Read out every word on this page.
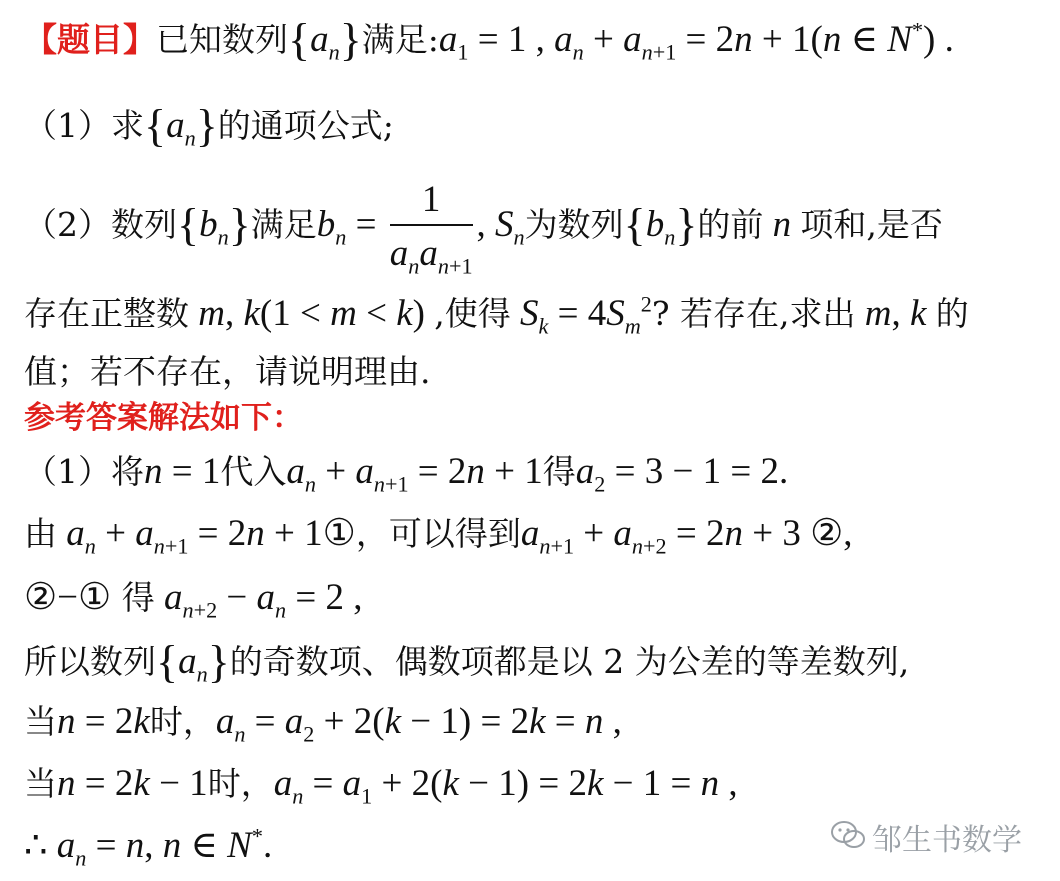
【题目】已知数列$\{a_n\}$满足$:a_1 = 1$ , $a_n + a_{n+1} = 2n + 1(n$ ∈ N*) .
（1）求$\{a_n\}$的通项公式;
（2）数列$\{b_n\}$满足$b_n = \frac{1}{a_na_{n+1}}$ , $S_n$为数列$\{b_n\}$的前 n 项和,是否
存在正整数 m, k(1 < m < k) ,使得 $S_k = 4S_m^2$? 若存在,求出 m, k 的
值；若不存在，请说明理由.
参考答案解法如下：
（1）将n = 1代入$a_n + a_{n+1} = 2n + 1$得$a_2 = 3 - 1 = 2$.
由 $a_n + a_{n+1} = 2n$ + 1①，可以得到$a_{n+1} + a_{n+2} = 2n + 3$ ②,
②−① 得 $a_{n+2} - a_n = 2$ ,
所以数列$\{a_n\}$的奇数项、偶数项都是以 2 为公差的等差数列,
当n = 2k时，$a_n = a_2 + 2(k - 1) = 2k = n$ ,
当n = 2k − 1时，$a_n = a_1 + 2(k - 1) = 2k - 1 = n$ ,
∴ $a_n = n$, n ∈ N*.	邹生书数学
